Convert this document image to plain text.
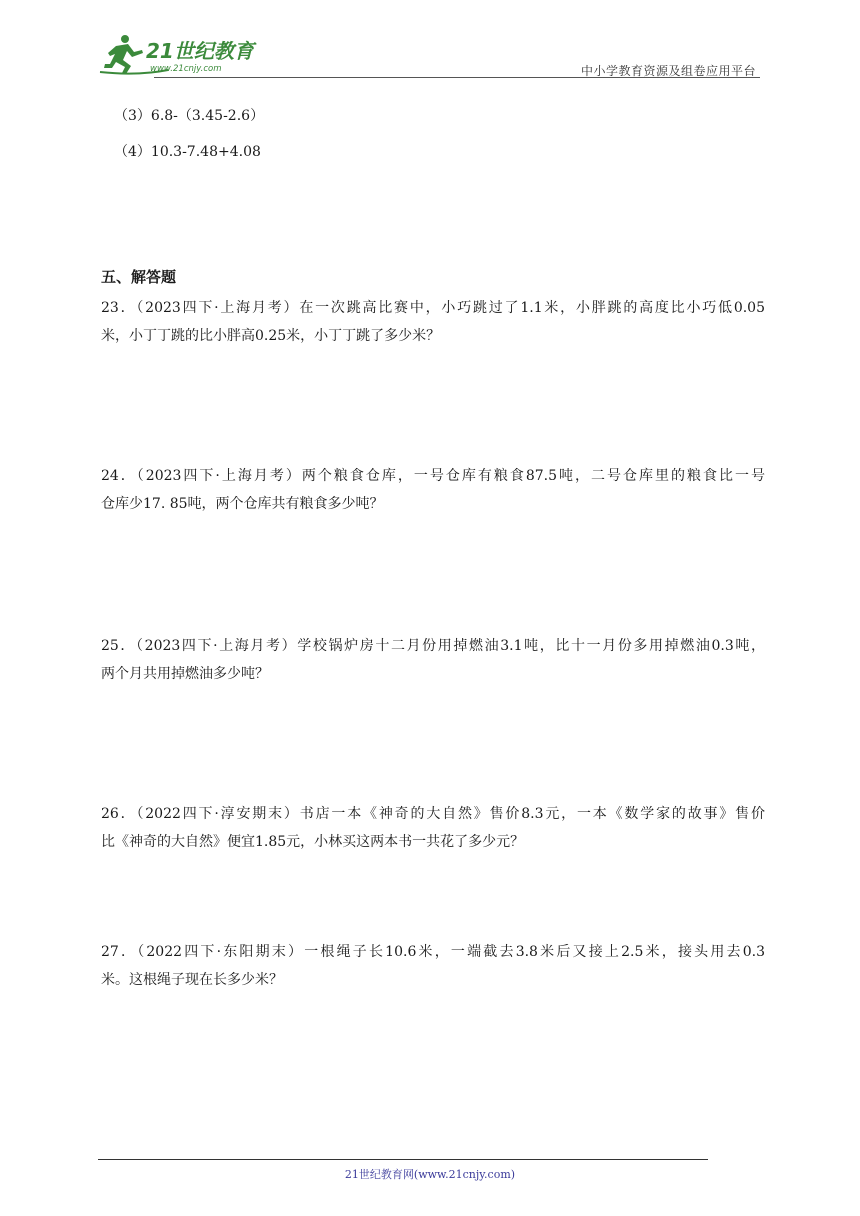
21世纪教育
www.21cnjy.com	中小学教育资源及组卷应用平台
（3）6.8-（3.45-2.6）
（4）10.3-7.48+4.08
五、解答题
23．（2023四下·上海月考）在一次跳高比赛中，小巧跳过了1.1米，小胖跳的高度比小巧低0.05
米，小丁丁跳的比小胖高0.25米，小丁丁跳了多少米？
24．（2023四下·上海月考）两个粮食仓库，一号仓库有粮食87.5吨，二号仓库里的粮食比一号
仓库少17. 85吨，两个仓库共有粮食多少吨？
25．（2023四下·上海月考）学校锅炉房十二月份用掉燃油3.1吨，比十一月份多用掉燃油0.3吨，
两个月共用掉燃油多少吨？
26．（2022四下·淳安期末）书店一本《神奇的大自然》售价8.3元，一本《数学家的故事》售价
比《神奇的大自然》便宜1.85元，小林买这两本书一共花了多少元？
27．（2022四下·东阳期末）一根绳子长10.6米，一端截去3.8米后又接上2.5米，接头用去0.3
米。这根绳子现在长多少米？
21世纪教育网(www.21cnjy.com)
